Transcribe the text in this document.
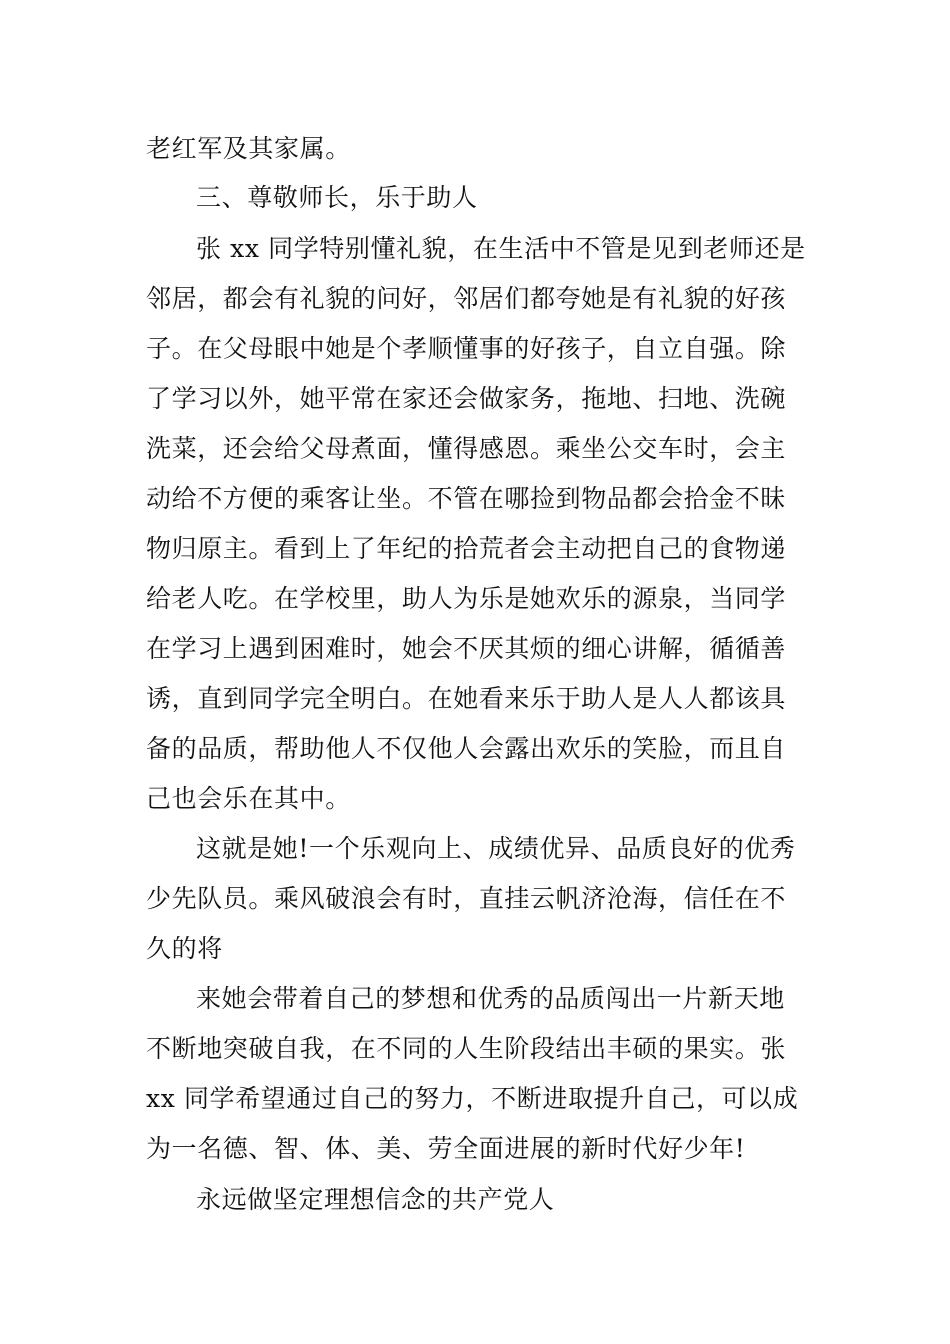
老红军及其家属。
三、尊敬师长，乐于助人
张 xx 同学特别懂礼貌，在生活中不管是见到老师还是
邻居，都会有礼貌的问好，邻居们都夸她是有礼貌的好孩
子。在父母眼中她是个孝顺懂事的好孩子，自立自强。除
了学习以外，她平常在家还会做家务，拖地、扫地、洗碗
洗菜，还会给父母煮面，懂得感恩。乘坐公交车时，会主
动给不方便的乘客让坐。不管在哪捡到物品都会拾金不昧
物归原主。看到上了年纪的拾荒者会主动把自己的食物递
给老人吃。在学校里，助人为乐是她欢乐的源泉，当同学
在学习上遇到困难时，她会不厌其烦的细心讲解，循循善
诱，直到同学完全明白。在她看来乐于助人是人人都该具
备的品质，帮助他人不仅他人会露出欢乐的笑脸，而且自
己也会乐在其中。
这就是她!一个乐观向上、成绩优异、品质良好的优秀
少先队员。乘风破浪会有时，直挂云帆济沧海，信任在不
久的将
来她会带着自己的梦想和优秀的品质闯出一片新天地
不断地突破自我，在不同的人生阶段结出丰硕的果实。张
xx 同学希望通过自己的努力，不断进取提升自己，可以成
为一名德、智、体、美、劳全面进展的新时代好少年!
永远做坚定理想信念的共产党人
